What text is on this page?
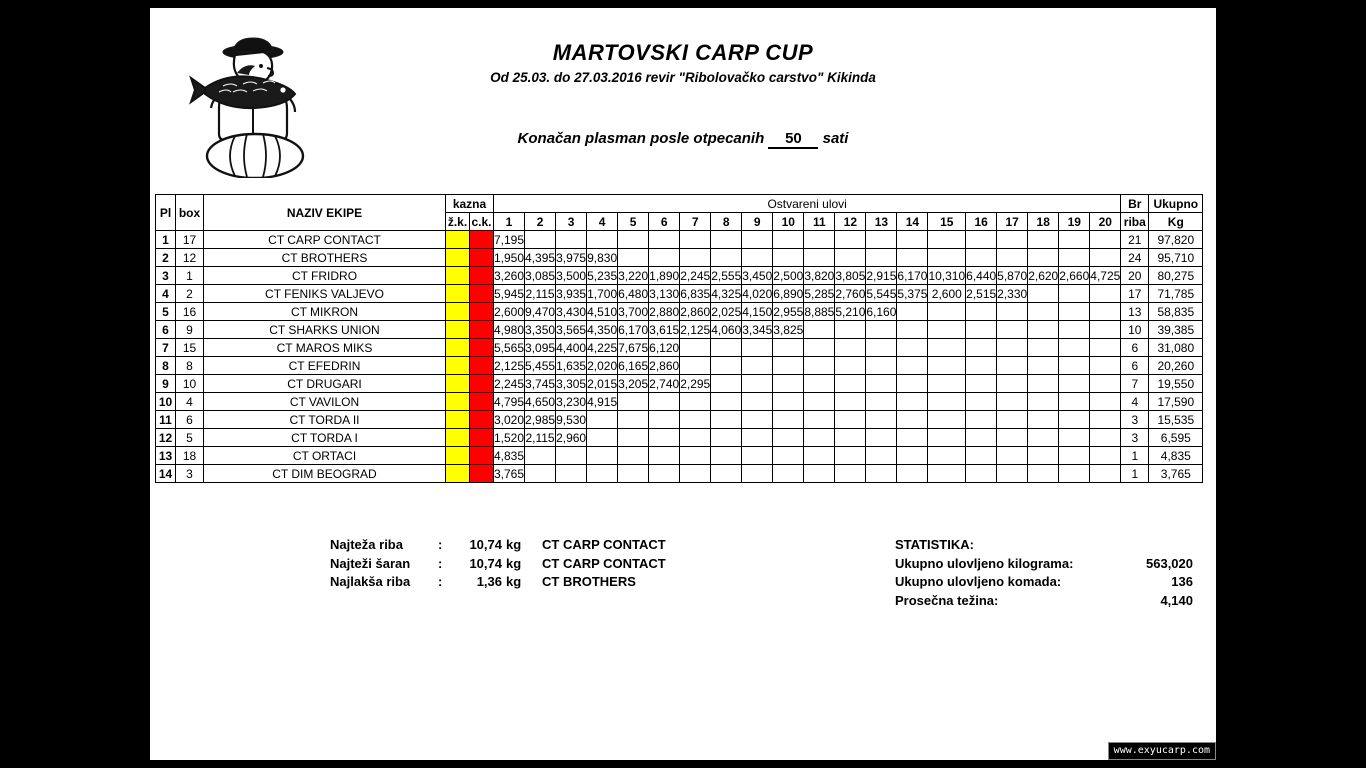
MARTOVSKI CARP CUP
Od 25.03. do 27.03.2016 revir "Ribolovačko carstvo" Kikinda
Konačan plasman posle otpecanih 50 sati
Pl	box	NAZIV EKIPE	kazna		Ostvareni ulovi																				Br	Ukupno
			ž.k.	c.k.	1	2	3	4	5	6	7	8	9	10	11	12	13	14	15	16	17	18	19	20	riba	Kg
1	17	CT CARP CONTACT			7,195																				21	97,820
2	12	CT BROTHERS			1,950	4,395	3,975	9,830																	24	95,710
3	1	CT FRIDRO			3,260	3,085	3,500	5,235	3,220	1,890	2,245	2,555	3,450	2,500	3,820	3,805	2,915	6,170	10,310	6,440	5,870	2,620	2,660	4,725	20	80,275
4	2	CT FENIKS VALJEVO			5,945	2,115	3,935	1,700	6,480	3,130	6,835	4,325	4,020	6,890	5,285	2,760	5,545	5,375	2,600	2,515	2,330				17	71,785
5	16	CT MIKRON			2,600	9,470	3,430	4,510	3,700	2,880	2,860	2,025	4,150	2,955	8,885	5,210	6,160								13	58,835
6	9	CT SHARKS UNION			4,980	3,350	3,565	4,350	6,170	3,615	2,125	4,060	3,345	3,825											10	39,385
7	15	CT MAROS MIKS			5,565	3,095	4,400	4,225	7,675	6,120															6	31,080
8	8	CT EFEDRIN			2,125	5,455	1,635	2,020	6,165	2,860															6	20,260
9	10	CT DRUGARI			2,245	3,745	3,305	2,015	3,205	2,740	2,295														7	19,550
10	4	CT VAVILON			4,795	4,650	3,230	4,915																	4	17,590
11	6	CT TORDA II			3,020	2,985	9,530																		3	15,535
12	5	CT TORDA I			1,520	2,115	2,960																		3	6,595
13	18	CT ORTACI			4,835																				1	4,835
14	3	CT DIM BEOGRAD			3,765																				1	3,765
Najteža riba	:	10,74 kg	CT CARP CONTACT
Najteži šaran	:	10,74 kg	CT CARP CONTACT
Najlakša riba	:	1,36 kg	CT BROTHERS
STATISTIKA:
Ukupno ulovljeno kilograma:	563,020
Ukupno ulovljeno komada:	136
Prosečna težina:	4,140
www.exyucarp.com
